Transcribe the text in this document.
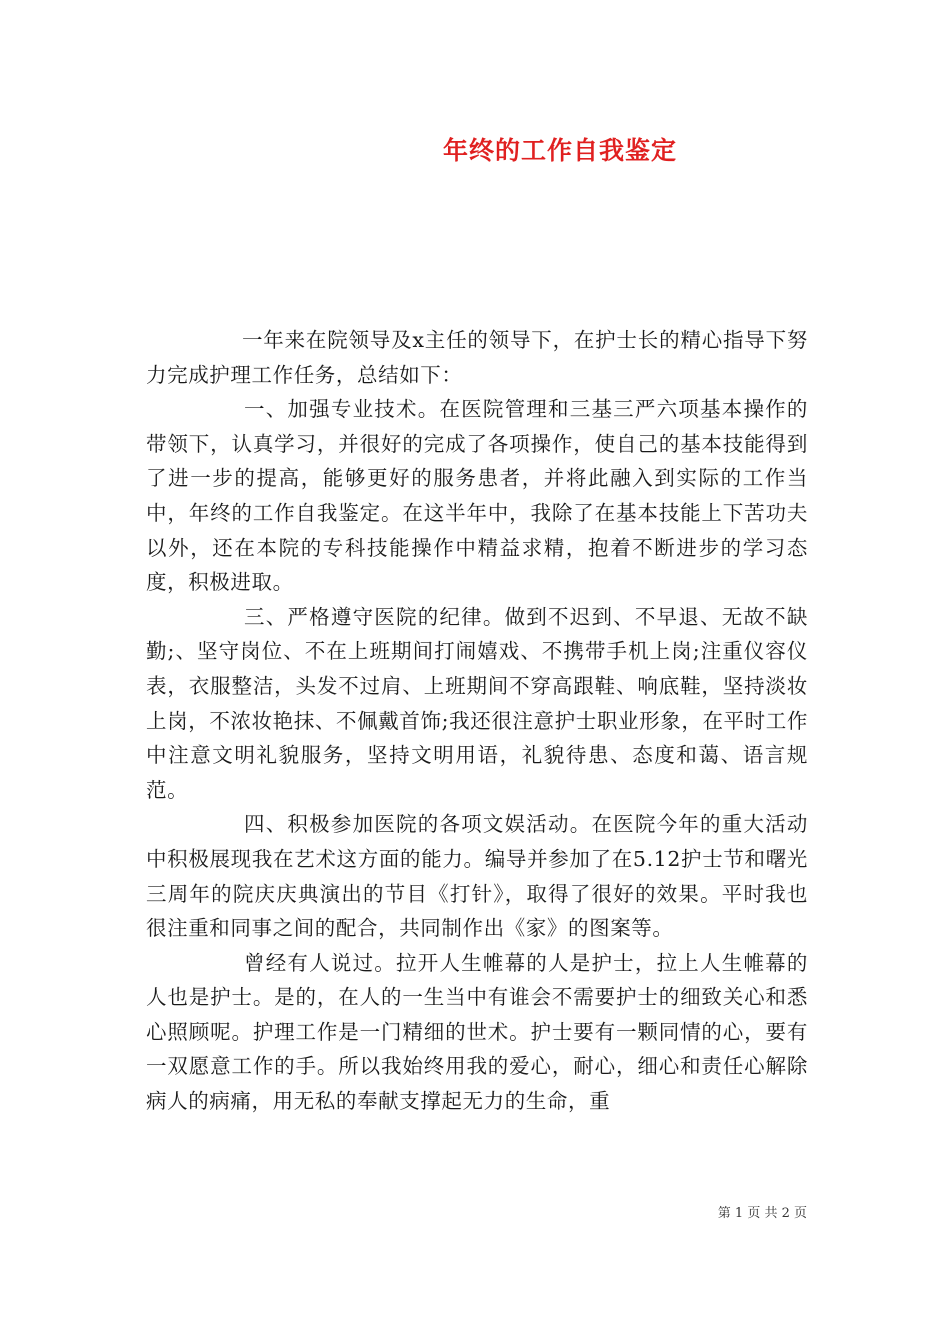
年终的工作自我鉴定

一年来在院领导及x主任的领导下，在护士长的精心指导下努力完成护理工作任务，总结如下：

一、加强专业技术。在医院管理和三基三严六项基本操作的带领下，认真学习，并很好的完成了各项操作，使自己的基本技能得到了进一步的提高，能够更好的服务患者，并将此融入到实际的工作当中，年终的工作自我鉴定。在这半年中，我除了在基本技能上下苦功夫以外，还在本院的专科技能操作中精益求精，抱着不断进步的学习态度，积极进取。

三、严格遵守医院的纪律。做到不迟到、不早退、无故不缺勤;、坚守岗位、不在上班期间打闹嬉戏、不携带手机上岗;注重仪容仪表，衣服整洁，头发不过肩、上班期间不穿高跟鞋、响底鞋，坚持淡妆上岗，不浓妆艳抹、不佩戴首饰;我还很注意护士职业形象，在平时工作中注意文明礼貌服务，坚持文明用语，礼貌待患、态度和蔼、语言规范。

四、积极参加医院的各项文娱活动。在医院今年的重大活动中积极展现我在艺术这方面的能力。编导并参加了在5.12护士节和曙光三周年的院庆庆典演出的节目《打针》，取得了很好的效果。平时我也很注重和同事之间的配合，共同制作出《家》的图案等。

曾经有人说过。拉开人生帷幕的人是护士，拉上人生帷幕的人也是护士。是的，在人的一生当中有谁会不需要护士的细致关心和悉心照顾呢。护理工作是一门精细的世术。护士要有一颗同情的心，要有一双愿意工作的手。所以我始终用我的爱心，耐心，细心和责任心解除病人的病痛，用无私的奉献支撑起无力的生命，重

第 1 页 共 2 页
